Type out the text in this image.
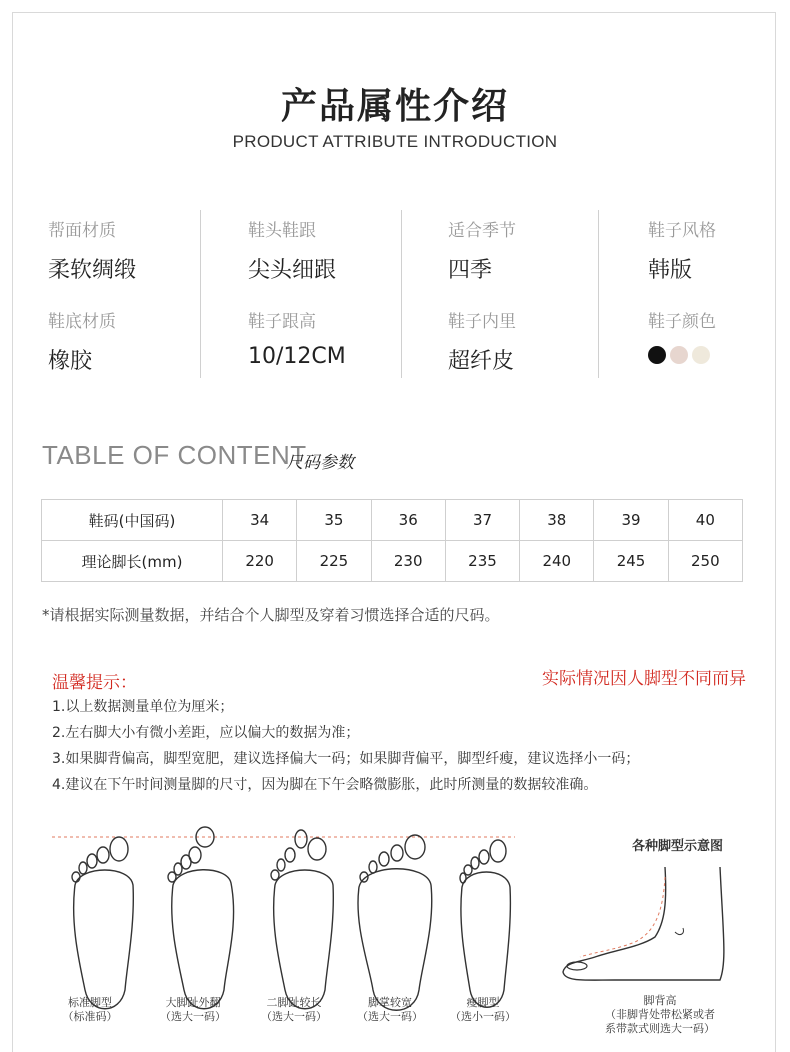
产品属性介绍
PRODUCT ATTRIBUTE INTRODUCTION
帮面材质
柔软绸缎
鞋头鞋跟
尖头细跟
适合季节
四季
鞋子风格
韩版
鞋底材质
橡胶
鞋子跟高
10/12CM
鞋子内里
超纤皮
鞋子颜色
TABLE OF CONTENT
尺码参数
鞋码(中国码)	34	35	36	37	38	39	40
理论脚长(mm)	220	225	230	235	240	245	250
*请根据实际测量数据，并结合个人脚型及穿着习惯选择合适的尺码。
温馨提示：	实际情况因人脚型不同而异
1.以上数据测量单位为厘米；
2.左右脚大小有微小差距，应以偏大的数据为准；
3.如果脚背偏高，脚型宽肥，建议选择偏大一码；如果脚背偏平，脚型纤瘦，建议选择小一码；
4.建议在下午时间测量脚的尺寸，因为脚在下午会略微膨胀，此时所测量的数据较准确。
标准脚型
（标准码）
大脚趾外翻
（选大一码）
二脚趾较长
（选大一码）
脚掌较宽
（选大一码）
瘦脚型
（选小一码）
各种脚型示意图
脚背高
（非脚背处带松紧或者
系带款式则选大一码）
